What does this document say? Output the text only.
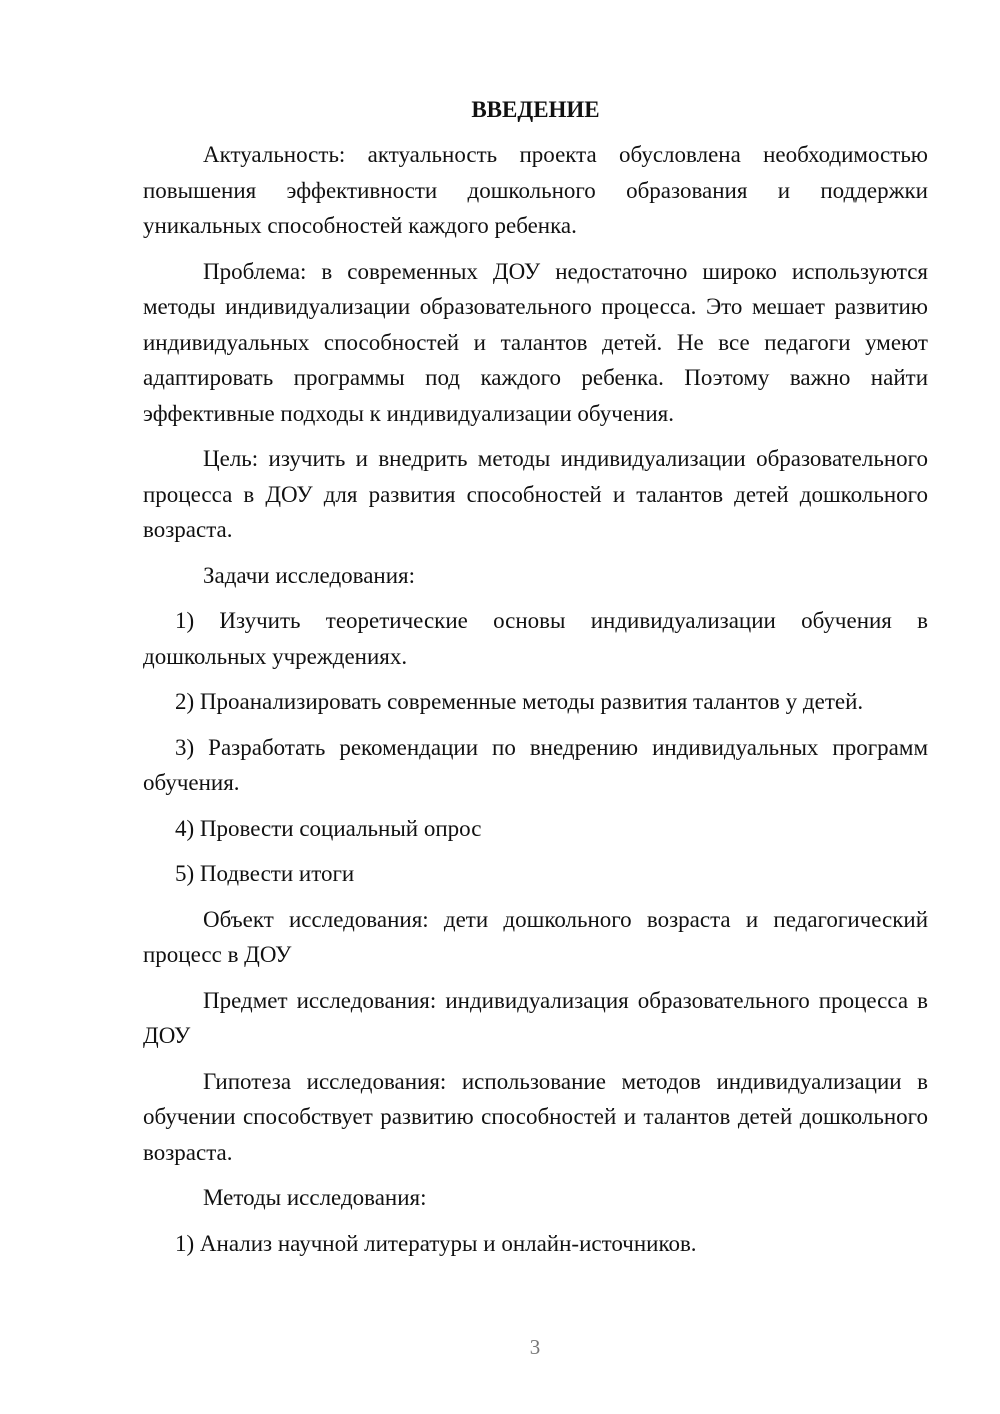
ВВЕДЕНИЕ

Актуальность: актуальность проекта обусловлена необходимостью повышения эффективности дошкольного образования и поддержки уникальных способностей каждого ребенка.

Проблема: в современных ДОУ недостаточно широко используются методы индивидуализации образовательного процесса. Это мешает развитию индивидуальных способностей и талантов детей. Не все педагоги умеют адаптировать программы под каждого ребенка. Поэтому важно найти эффективные подходы к индивидуализации обучения.

Цель: изучить и внедрить методы индивидуализации образовательного процесса в ДОУ для развития способностей и талантов детей дошкольного возраста.

Задачи исследования:

1) Изучить теоретические основы индивидуализации обучения в дошкольных учреждениях.

2) Проанализировать современные методы развития талантов у детей.

3) Разработать рекомендации по внедрению индивидуальных программ обучения.

4) Провести социальный опрос

5) Подвести итоги

Объект исследования: дети дошкольного возраста и педагогический процесс в ДОУ

Предмет исследования: индивидуализация образовательного процесса в ДОУ

Гипотеза исследования: использование методов индивидуализации в обучении способствует развитию способностей и талантов детей дошкольного возраста.

Методы исследования:

1) Анализ научной литературы и онлайн-источников.

3
